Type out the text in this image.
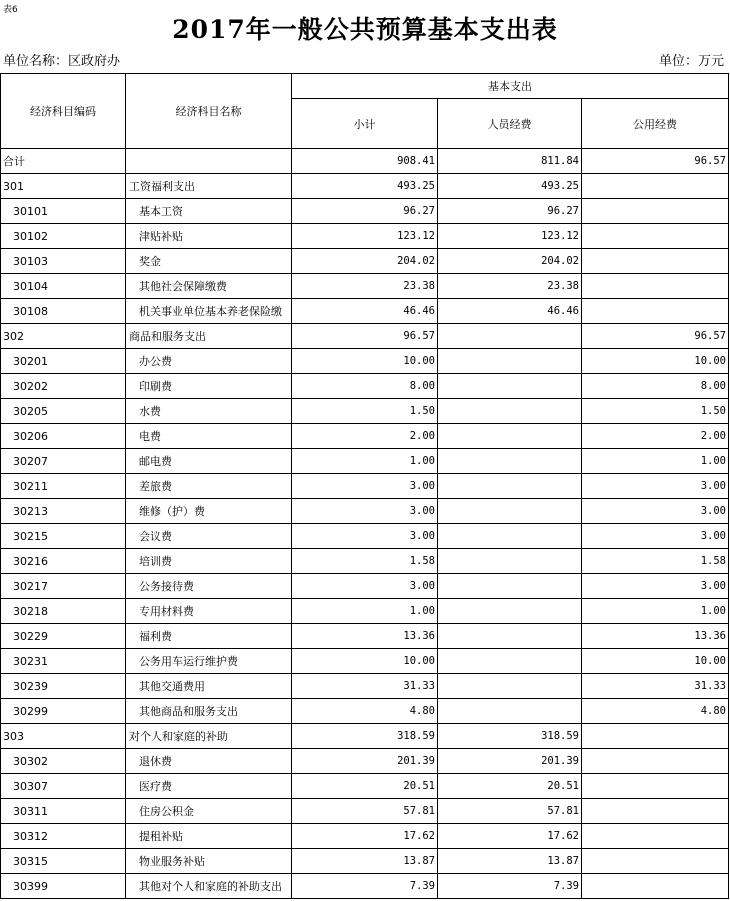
表6
2017年一般公共预算基本支出表
单位名称：区政府办	单位：万元
经济科目编码	经济科目名称	基本支出		
		小计	人员经费	公用经费
合计		908.41	811.84	96.57
301	工资福利支出	493.25	493.25	
30101	基本工资	96.27	96.27	
30102	津贴补贴	123.12	123.12	
30103	奖金	204.02	204.02	
30104	其他社会保障缴费	23.38	23.38	
30108	机关事业单位基本养老保险缴	46.46	46.46	
302	商品和服务支出	96.57		96.57
30201	办公费	10.00		10.00
30202	印刷费	8.00		8.00
30205	水费	1.50		1.50
30206	电费	2.00		2.00
30207	邮电费	1.00		1.00
30211	差旅费	3.00		3.00
30213	维修（护）费	3.00		3.00
30215	会议费	3.00		3.00
30216	培训费	1.58		1.58
30217	公务接待费	3.00		3.00
30218	专用材料费	1.00		1.00
30229	福利费	13.36		13.36
30231	公务用车运行维护费	10.00		10.00
30239	其他交通费用	31.33		31.33
30299	其他商品和服务支出	4.80		4.80
303	对个人和家庭的补助	318.59	318.59	
30302	退休费	201.39	201.39	
30307	医疗费	20.51	20.51	
30311	住房公积金	57.81	57.81	
30312	提租补贴	17.62	17.62	
30315	物业服务补贴	13.87	13.87	
30399	其他对个人和家庭的补助支出	7.39	7.39	
